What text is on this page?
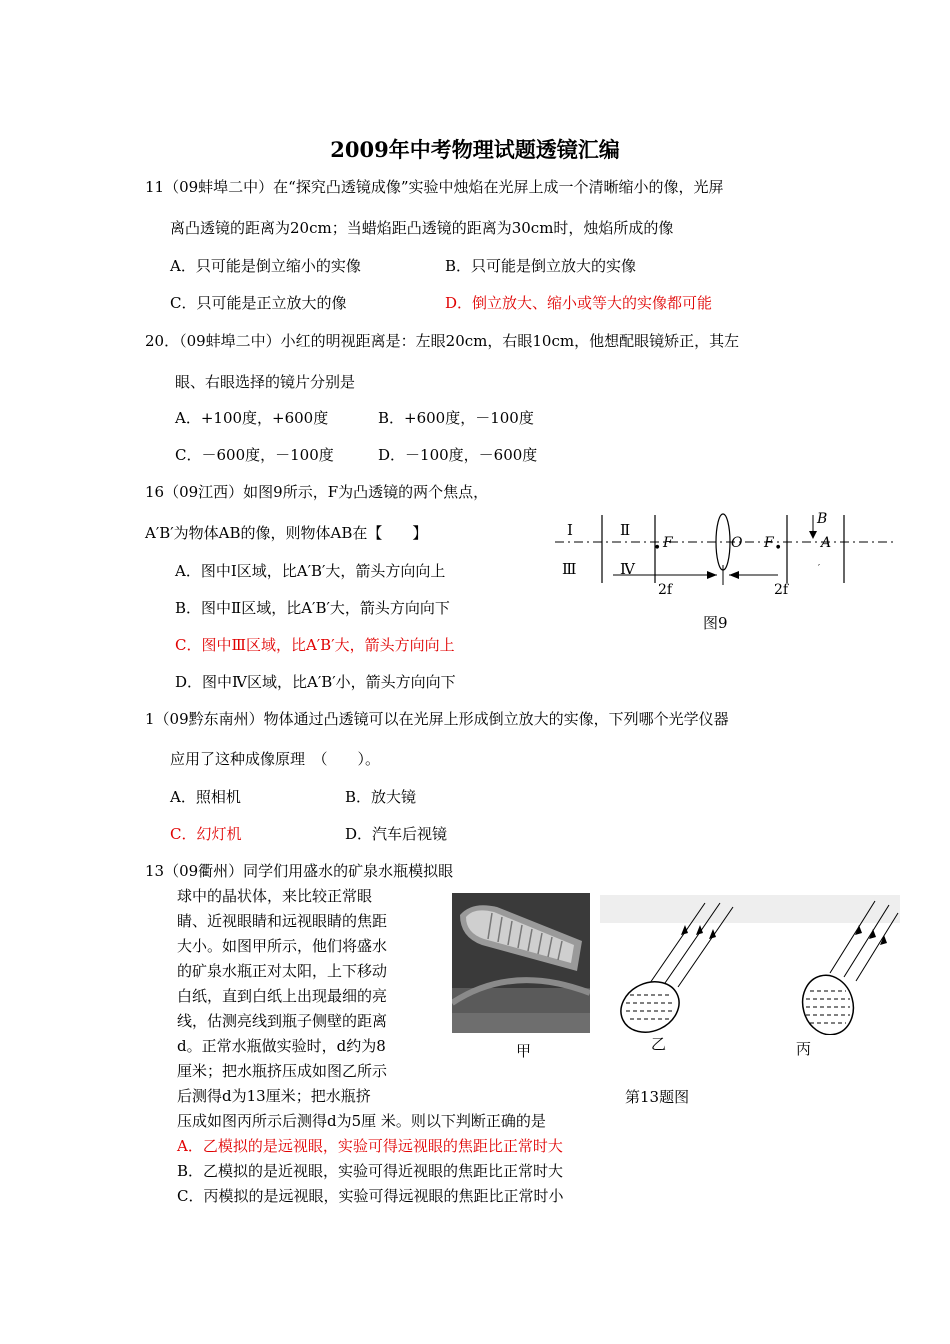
2009年中考物理试题透镜汇编
11（09蚌埠二中）在“探究凸透镜成像”实验中烛焰在光屏上成一个清晰缩小的像，光屏
离凸透镜的距离为20cm；当蜡焰距凸透镜的距离为30cm时，烛焰所成的像
A．只可能是倒立缩小的实像	B．只可能是倒立放大的实像
C．只可能是正立放大的像	D．倒立放大、缩小或等大的实像都可能
20．（09蚌埠二中）小红的明视距离是：左眼20cm，右眼10cm，他想配眼镜矫正，其左
眼、右眼选择的镜片分别是
A．+100度，+600度	B．+600度，－100度
C．－600度，－100度	D．－100度，－600度
16（09江西）如图9所示，F为凸透镜的两个焦点，
A′B′为物体AB的像，则物体AB在【　　】
A．图中Ⅰ区域，比A′B′大，箭头方向向上
B．图中Ⅱ区域，比A′B′大，箭头方向向下
C．图中Ⅲ区域，比A′B′大，箭头方向向上
D．图中Ⅳ区域，比A′B′小，箭头方向向下
′
●	●
Ⅰ	Ⅱ
Ⅲ	Ⅳ
F	F
O
B
A
2f	2f
图9
1（09黔东南州）物体通过凸透镜可以在光屏上形成倒立放大的实像，下列哪个光学仪器
应用了这种成像原理　（　　）。
A．照相机	B．放大镜
C．幻灯机	D．汽车后视镜
13（09衢州）同学们用盛水的矿泉水瓶模拟眼
球中的晶状体，来比较正常眼
睛、近视眼睛和远视眼睛的焦距
大小。如图甲所示，他们将盛水
的矿泉水瓶正对太阳，上下移动
白纸，直到白纸上出现最细的亮
线，估测亮线到瓶子侧壁的距离
d。正常水瓶做实验时，d约为8
厘米；把水瓶挤压成如图乙所示
后测得d为13厘米；把水瓶挤
压成如图丙所示后测得d为5厘 米。则以下判断正确的是
A．乙模拟的是远视眼，实验可得远视眼的焦距比正常时大
B．乙模拟的是近视眼，实验可得近视眼的焦距比正常时大
C．丙模拟的是远视眼，实验可得远视眼的焦距比正常时小
甲	乙	丙
第13题图
